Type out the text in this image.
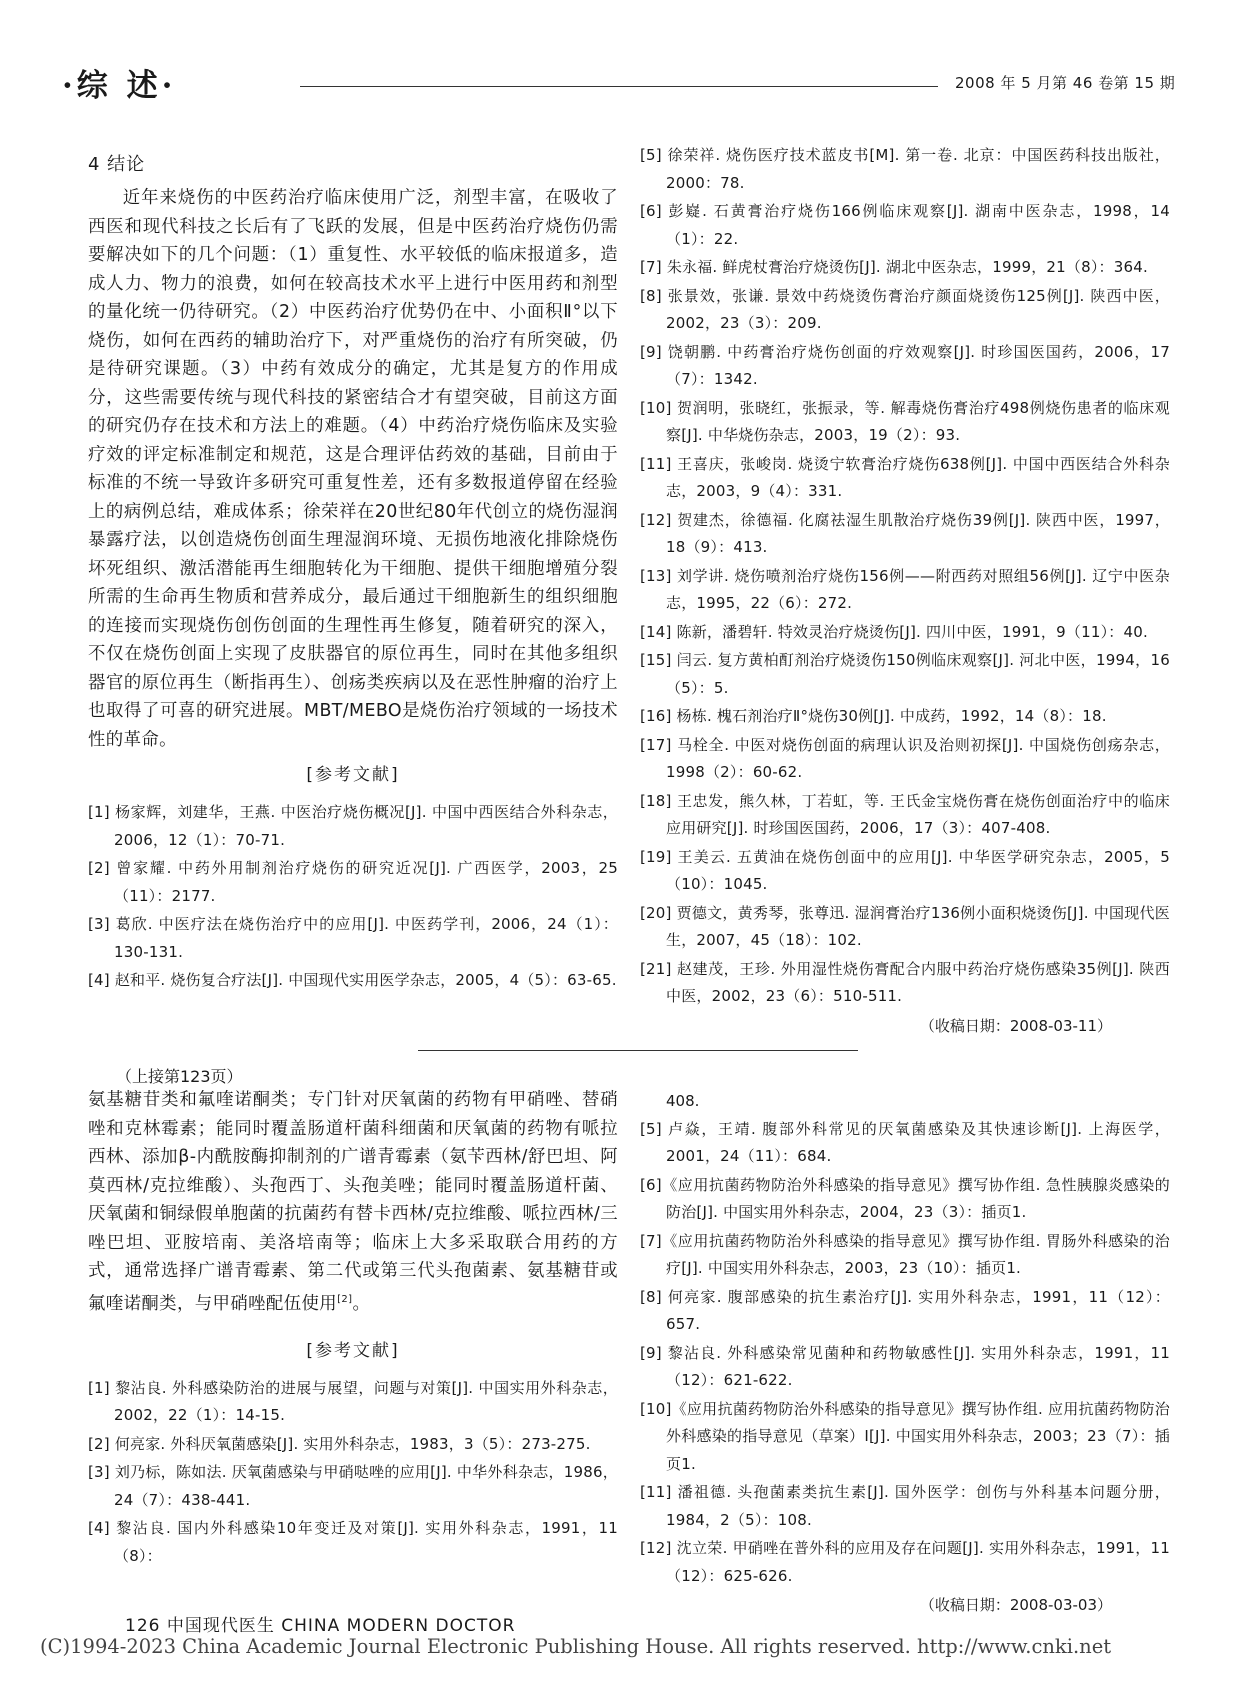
·综 述·	2008 年 5 月第 46 卷第 15 期
4 结论

近年来烧伤的中医药治疗临床使用广泛，剂型丰富，在吸收了西医和现代科技之长后有了飞跃的发展，但是中医药治疗烧伤仍需要解决如下的几个问题：（1）重复性、水平较低的临床报道多，造成人力、物力的浪费，如何在较高技术水平上进行中医用药和剂型的量化统一仍待研究。（2）中医药治疗优势仍在中、小面积Ⅱ°以下烧伤，如何在西药的辅助治疗下，对严重烧伤的治疗有所突破，仍是待研究课题。（3）中药有效成分的确定，尤其是复方的作用成分，这些需要传统与现代科技的紧密结合才有望突破，目前这方面的研究仍存在技术和方法上的难题。（4）中药治疗烧伤临床及实验疗效的评定标准制定和规范，这是合理评估药效的基础，目前由于标准的不统一导致许多研究可重复性差，还有多数报道停留在经验上的病例总结，难成体系；徐荣祥在20世纪80年代创立的烧伤湿润暴露疗法，以创造烧伤创面生理湿润环境、无损伤地液化排除烧伤坏死组织、激活潜能再生细胞转化为干细胞、提供干细胞增殖分裂所需的生命再生物质和营养成分，最后通过干细胞新生的组织细胞的连接而实现烧伤创伤创面的生理性再生修复，随着研究的深入，不仅在烧伤创面上实现了皮肤器官的原位再生，同时在其他多组织器官的原位再生（断指再生）、创疡类疾病以及在恶性肿瘤的治疗上也取得了可喜的研究进展。MBT/MEBO是烧伤治疗领域的一场技术性的革命。

[参考文献]
[1] 杨家辉，刘建华，王燕. 中医治疗烧伤概况[J]. 中国中西医结合外科杂志，2006，12（1）：70-71.
[2] 曾家耀. 中药外用制剂治疗烧伤的研究近况[J]. 广西医学，2003，25（11）：2177.
[3] 葛欣. 中医疗法在烧伤治疗中的应用[J]. 中医药学刊，2006，24（1）：130-131.
[4] 赵和平. 烧伤复合疗法[J]. 中国现代实用医学杂志，2005，4（5）：63-65.
[5] 徐荣祥. 烧伤医疗技术蓝皮书[M]. 第一卷. 北京：中国医药科技出版社，2000：78.
[6] 彭嶷. 石黄膏治疗烧伤166例临床观察[J]. 湖南中医杂志，1998，14（1）：22.
[7] 朱永福. 鲜虎杖膏治疗烧烫伤[J]. 湖北中医杂志，1999，21（8）：364.
[8] 张景效，张谦. 景效中药烧烫伤膏治疗颜面烧烫伤125例[J]. 陕西中医，2002，23（3）：209.
[9] 饶朝鹏. 中药膏治疗烧伤创面的疗效观察[J]. 时珍国医国药，2006，17（7）：1342.
[10] 贺润明，张晓红，张振录，等. 解毒烧伤膏治疗498例烧伤患者的临床观察[J]. 中华烧伤杂志，2003，19（2）：93.
[11] 王喜庆，张峻岗. 烧烫宁软膏治疗烧伤638例[J]. 中国中西医结合外科杂志，2003，9（4）：331.
[12] 贺建杰，徐德福. 化腐祛湿生肌散治疗烧伤39例[J]. 陕西中医，1997，18（9）：413.
[13] 刘学讲. 烧伤喷剂治疗烧伤156例——附西药对照组56例[J]. 辽宁中医杂志，1995，22（6）：272.
[14] 陈新，潘碧轩. 特效灵治疗烧烫伤[J]. 四川中医，1991，9（11）：40.
[15] 闫云. 复方黄柏酊剂治疗烧烫伤150例临床观察[J]. 河北中医，1994，16（5）：5.
[16] 杨栋. 槐石剂治疗Ⅱ°烧伤30例[J]. 中成药，1992，14（8）：18.
[17] 马栓全. 中医对烧伤创面的病理认识及治则初探[J]. 中国烧伤创疡杂志，1998（2）：60-62.
[18] 王忠发，熊久林，丁若虹，等. 王氏金宝烧伤膏在烧伤创面治疗中的临床应用研究[J]. 时珍国医国药，2006，17（3）：407-408.
[19] 王美云. 五黄油在烧伤创面中的应用[J]. 中华医学研究杂志，2005，5（10）：1045.
[20] 贾德文，黄秀琴，张尊迅. 湿润膏治疗136例小面积烧烫伤[J]. 中国现代医生，2007，45（18）：102.
[21] 赵建茂，王珍. 外用湿性烧伤膏配合内服中药治疗烧伤感染35例[J]. 陕西中医，2002，23（6）：510-511.
（收稿日期：2008-03-11）
（上接第123页）

氨基糖苷类和氟喹诺酮类；专门针对厌氧菌的药物有甲硝唑、替硝唑和克林霉素；能同时覆盖肠道杆菌科细菌和厌氧菌的药物有哌拉西林、添加β-内酰胺酶抑制剂的广谱青霉素（氨苄西林/舒巴坦、阿莫西林/克拉维酸）、头孢西丁、头孢美唑；能同时覆盖肠道杆菌、厌氧菌和铜绿假单胞菌的抗菌药有替卡西林/克拉维酸、哌拉西林/三唑巴坦、亚胺培南、美洛培南等；临床上大多采取联合用药的方式，通常选择广谱青霉素、第二代或第三代头孢菌素、氨基糖苷或氟喹诺酮类，与甲硝唑配伍使用[2]。

[参考文献]
[1] 黎沾良. 外科感染防治的进展与展望，问题与对策[J]. 中国实用外科杂志，2002，22（1）：14-15.
[2] 何亮家. 外科厌氧菌感染[J]. 实用外科杂志，1983，3（5）：273-275.
[3] 刘乃标，陈如法. 厌氧菌感染与甲硝哒唑的应用[J]. 中华外科杂志，1986，24（7）：438-441.
[4] 黎沾良. 国内外科感染10年变迁及对策[J]. 实用外科杂志，1991，11（8）：
408.
[5] 卢焱，王靖. 腹部外科常见的厌氧菌感染及其快速诊断[J]. 上海医学，2001，24（11）：684.
[6]《应用抗菌药物防治外科感染的指导意见》撰写协作组. 急性胰腺炎感染的防治[J]. 中国实用外科杂志，2004，23（3）：插页1.
[7]《应用抗菌药物防治外科感染的指导意见》撰写协作组. 胃肠外科感染的治疗[J]. 中国实用外科杂志，2003，23（10）：插页1.
[8] 何亮家. 腹部感染的抗生素治疗[J]. 实用外科杂志，1991，11（12）：657.
[9] 黎沾良. 外科感染常见菌种和药物敏感性[J]. 实用外科杂志，1991，11（12）：621-622.
[10]《应用抗菌药物防治外科感染的指导意见》撰写协作组. 应用抗菌药物防治外科感染的指导意见（草案）Ⅰ[J]. 中国实用外科杂志，2003；23（7）：插页1.
[11] 潘祖德. 头孢菌素类抗生素[J]. 国外医学：创伤与外科基本问题分册，1984，2（5）：108.
[12] 沈立荣. 甲硝唑在普外科的应用及存在问题[J]. 实用外科杂志，1991，11（12）：625-626.
（收稿日期：2008-03-03）
126 中国现代医生 CHINA MODERN DOCTOR
(C)1994-2023 China Academic Journal Electronic Publishing House. All rights reserved. http://www.cnki.net
